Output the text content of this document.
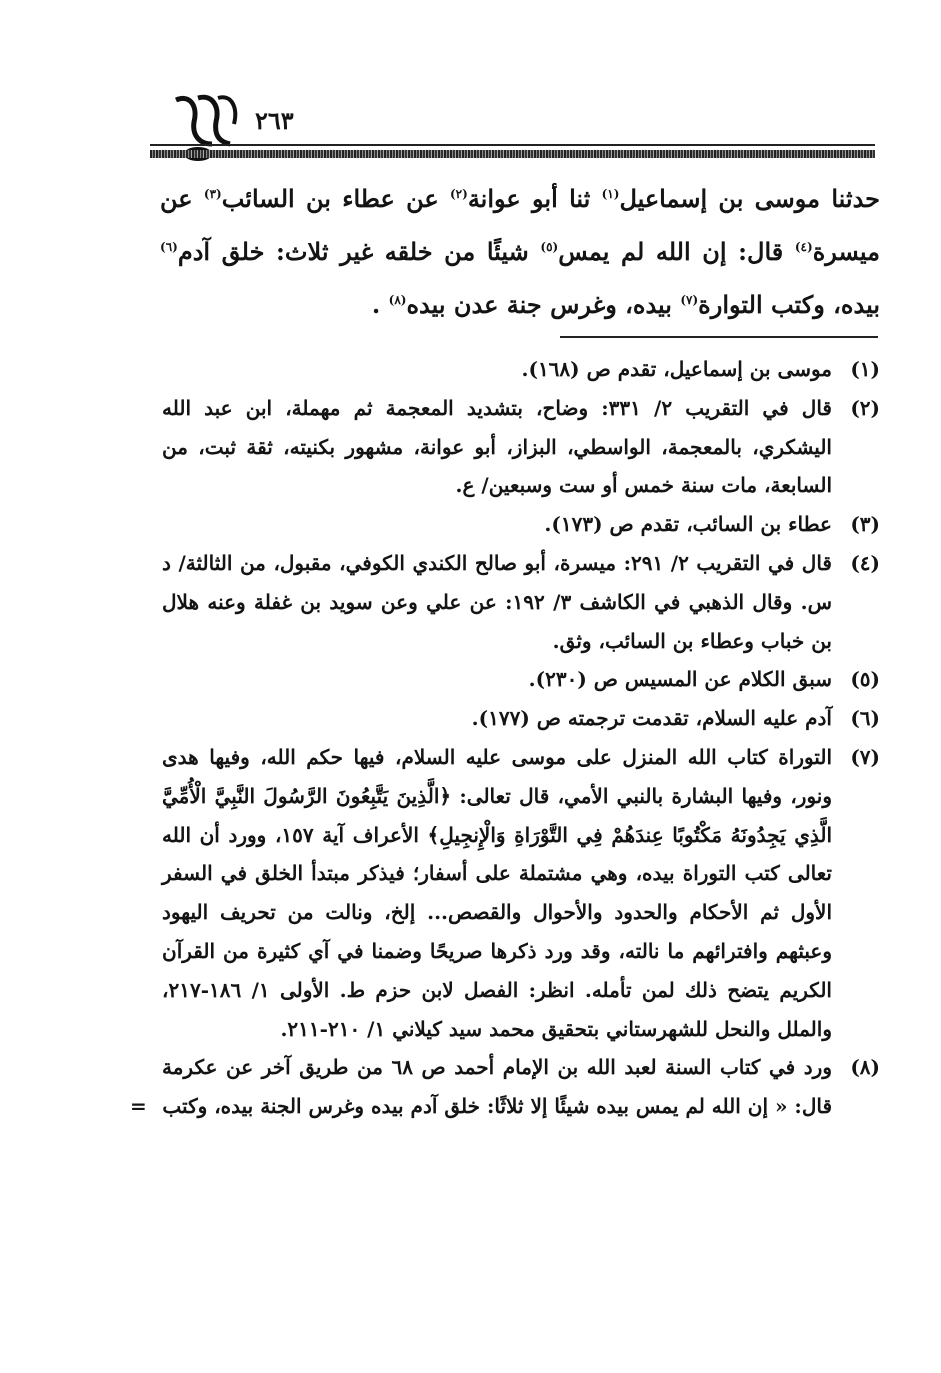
٢٦٣
حدثنا موسى بن إسماعيل$^{(١)}$ ثنا أبو عوانة$^{(٢)}$ عن عطاء بن السائب$^{(٣)}$ عن ميسرة$^{(٤)}$ قال: إن الله لم يمس$^{(٥)}$ شيئًا من خلقه غير ثلاث: خلق آدم$^{(٦)}$ بيده، وكتب التوارة$^{(٧)}$ بيده، وغرس جنة عدن بيده$^{(٨)}$ .
(١)
موسى بن إسماعيل، تقدم ص (١٦٨).
(٢)
قال في التقريب ٢/ ٣٣١: وضاح، بتشديد المعجمة ثم مهملة، ابن عبد الله اليشكري، بالمعجمة، الواسطي، البزاز، أبو عوانة، مشهور بكنيته، ثقة ثبت، من السابعة، مات سنة خمس أو ست وسبعين/ ع.
(٣)
عطاء بن السائب، تقدم ص (١٧٣).
(٤)
قال في التقريب ٢/ ٢٩١: ميسرة، أبو صالح الكندي الكوفي، مقبول، من الثالثة/ د س. وقال الذهبي في الكاشف ٣/ ١٩٢: عن علي وعن سويد بن غفلة وعنه هلال بن خباب وعطاء بن السائب، وثق.
(٥)
سبق الكلام عن المسيس ص (٢٣٠).
(٦)
آدم عليه السلام، تقدمت ترجمته ص (١٧٧).
(٧)
التوراة كتاب الله المنزل على موسى عليه السلام، فيها حكم الله، وفيها هدى ونور، وفيها البشارة بالنبي الأمي، قال تعالى: ﴿الَّذِينَ يَتَّبِعُونَ الرَّسُولَ النَّبِيَّ الْأُمِّيَّ الَّذِي يَجِدُونَهُ مَكْتُوبًا عِندَهُمْ فِي التَّوْرَاةِ وَالْإِنجِيلِ﴾ الأعراف آية ١٥٧، وورد أن الله تعالى كتب التوراة بيده، وهي مشتملة على أسفار؛ فيذكر مبتدأ الخلق في السفر الأول ثم الأحكام والحدود والأحوال والقصص... إلخ، ونالت من تحريف اليهود وعبثهم وافترائهم ما نالته، وقد ورد ذكرها صريحًا وضمنا في آي كثيرة من القرآن الكريم يتضح ذلك لمن تأمله. انظر: الفصل لابن حزم ط. الأولى ١/ ١٨٦-٢١٧، والملل والنحل للشهرستاني بتحقيق محمد سيد كيلاني ١/ ٢١٠-٢١١.
(٨)
ورد في كتاب السنة لعبد الله بن الإمام أحمد ص ٦٨ من طريق آخر عن عكرمة قال: « إن الله لم يمس بيده شيئًا إلا ثلاثًا: خلق آدم بيده وغرس الجنة بيده، وكتب
=
